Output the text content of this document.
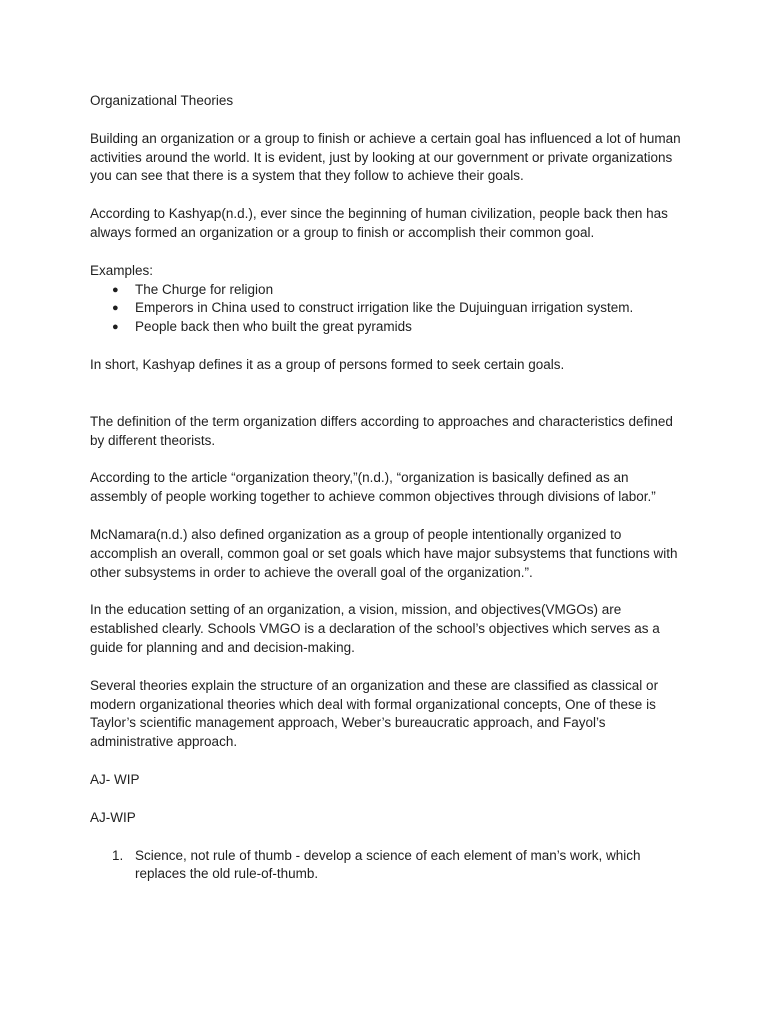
Organizational Theories

Building an organization or a group to finish or achieve a certain goal has influenced a lot of human activities around the world. It is evident, just by looking at our government or private organizations you can see that there is a system that they follow to achieve their goals.

According to Kashyap(n.d.), ever since the beginning of human civilization, people back then has always formed an organization or a group to finish or accomplish their common goal.

Examples:

● The Churge for religion
● Emperors in China used to construct irrigation like the Dujuinguan irrigation system.
● People back then who built the great pyramids

In short, Kashyap defines it as a group of persons formed to seek certain goals.

The definition of the term organization differs according to approaches and characteristics defined by different theorists.

According to the article “organization theory,”(n.d.), “organization is basically defined as an assembly of people working together to achieve common objectives through divisions of labor.”

McNamara(n.d.) also defined organization as a group of people intentionally organized to accomplish an overall, common goal or set goals which have major subsystems that functions with other subsystems in order to achieve the overall goal of the organization.”.

In the education setting of an organization, a vision, mission, and objectives(VMGOs) are established clearly. Schools VMGO is a declaration of the school’s objectives which serves as a guide for planning and and decision-making.

Several theories explain the structure of an organization and these are classified as classical or modern organizational theories which deal with formal organizational concepts, One of these is Taylor’s scientific management approach, Weber’s bureaucratic approach, and Fayol’s administrative approach.

AJ- WIP

AJ-WIP

1. Science, not rule of thumb - develop a science of each element of man’s work, which replaces the old rule-of-thumb.
